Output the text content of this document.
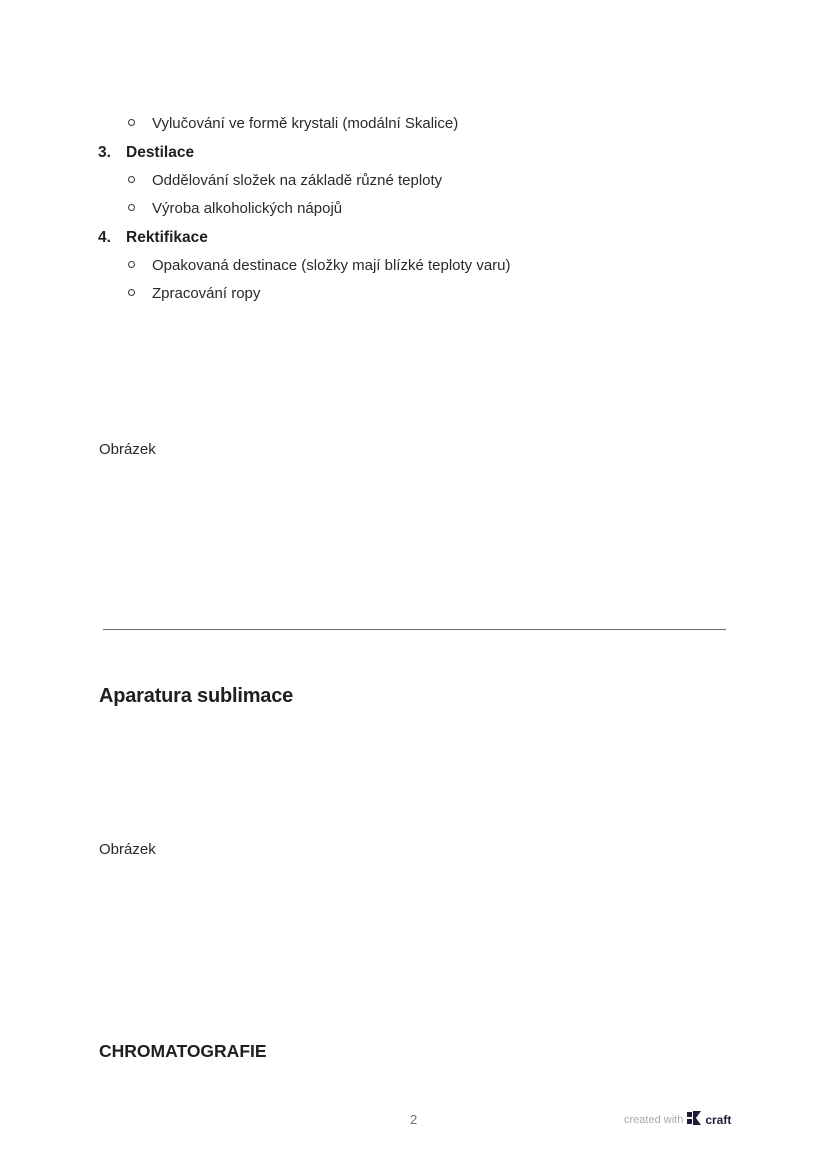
Vylučování ve formě krystali (modální Skalice)
3. Destilace
Oddělování složek na základě různé teploty
Výroba alkoholických nápojů
4. Rektifikace
Opakovaná destinace (složky mají blízké teploty varu)
Zpracování ropy
Obrázek
Aparatura sublimace
Obrázek
CHROMATOGRAFIE
2	created with craft
